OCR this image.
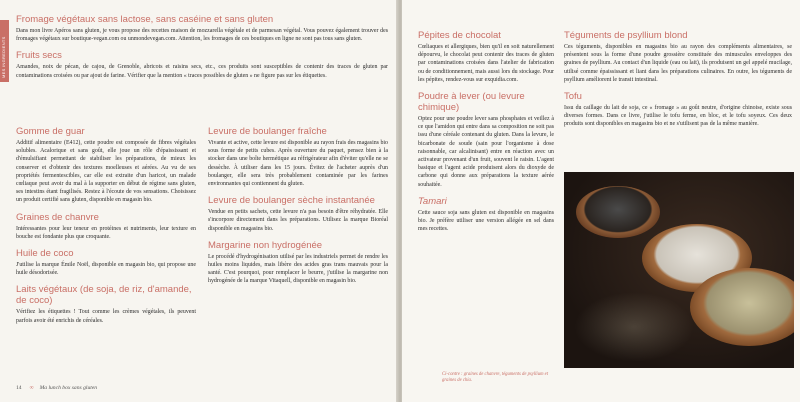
MES INGREDIENTS
Fromage végétaux sans lactose, sans caséine et sans gluten

Dans mon livre Apéros sans gluten, je vous propose des recettes maison de mozzarella végétale et de parmesan végétal. Vous pouvez également trouver des fromages végétaux sur boutique-vegan.com ou unmondevegan.com. Attention, les fromages de ces boutiques en ligne ne sont pas tous sans gluten.

Fruits secs

Amandes, noix de pécan, de cajou, de Grenoble, abricots et raisins secs, etc., ces produits sont susceptibles de contenir des traces de gluten par contaminations croisées ou par ajout de farine. Vérifier que la mention « traces possibles de gluten » ne figure pas sur les étiquettes.

Gomme de guar

Additif alimentaire (E412), cette poudre est composée de fibres végétales solubles. Acalorique et sans goût, elle joue un rôle d'épaississant et d'émulsifiant permettant de stabiliser les préparations, de mieux les conserver et d'obtenir des textures moelleuses et aérées. Au vu de ses propriétés fermentescibles, car elle est extraite d'un haricot, un malade cœliaque peut avoir du mal à la supporter en début de régime sans gluten, ses intestins étant fragilisés. Restez à l'écoute de vos sensations. Choisissez un produit certifié sans gluten, disponible en magasin bio.

Graines de chanvre

Intéressantes pour leur teneur en protéines et nutriments, leur texture en bouche est fondante plus que croquante.

Huile de coco

J'utilise la marque Émile Noël, disponible en magasin bio, qui propose une huile désodorisée.

Laits végétaux (de soja, de riz, d'amande, de coco)

Vérifiez les étiquettes ! Tout comme les crèmes végétales, ils peuvent parfois avoir été enrichis de céréales.

Levure de boulanger fraîche

Vivante et active, cette levure est disponible au rayon frais des magasins bio sous forme de petits cubes. Après ouverture du paquet, pensez bien à la stocker dans une boîte hermétique au réfrigérateur afin d'éviter qu'elle ne se dessèche. À utiliser dans les 15 jours. Évitez de l'acheter auprès d'un boulanger, elle sera très probablement contaminée par les farines environnantes qui contiennent du gluten.

Levure de boulanger sèche instantanée

Vendue en petits sachets, cette levure n'a pas besoin d'être réhydratée. Elle s'incorpore directement dans les préparations. Utilisez la marque Bioréal disponible en magasins bio.

Margarine non hydrogénée

Le procédé d'hydrogénisation utilisé par les industriels permet de rendre les huiles moins liquides, mais libère des acides gras trans mauvais pour la santé. C'est pourquoi, pour remplacer le beurre, j'utilise la margarine non hydrogénée de la marque Vitaquell, disponible en magasin bio.

14 ∞ Ma lunch box sans gluten
Pépites de chocolat

Cœliaques et allergiques, bien qu'il en soit naturellement dépourvu, le chocolat peut contenir des traces de gluten par contaminations croisées dans l'atelier de fabrication ou de conditionnement, mais aussi lors du stockage. Pour les pépites, rendez-vous sur exquidia.com.

Poudre à lever (ou levure chimique)

Optez pour une poudre lever sans phosphates et veillez à ce que l'amidon qui entre dans sa composition ne soit pas issu d'une céréale contenant du gluten. Dans la levure, le bicarbonate de soude (sain pour l'organisme à dose raisonnable, car alcalinisant) entre en réaction avec un activateur provenant d'un fruit, souvent le raisin. L'agent basique et l'agent acide produisent alors du dioxyde de carbone qui donne aux préparations la texture aérée souhaitée.

Tamari

Cette sauce soja sans gluten est disponible en magasins bio. Je préfère utiliser une version allégée en sel dans mes recettes.

Téguments de psyllium blond

Ces téguments, disponibles en magasins bio au rayon des compléments alimentaires, se présentent sous la forme d'une poudre grossière constituée des minuscules enveloppes des graines de psyllium. Au contact d'un liquide (eau ou lait), ils produisent un gel appelé mucilage, utilisé comme épaississant et liant dans les préparations culinaires. En outre, les téguments de psyllium améliorent le transit intestinal.

Tofu

Issu du caillage du lait de soja, ce « fromage » au goût neutre, d'origine chinoise, existe sous diverses formes. Dans ce livre, j'utilise le tofu ferme, en bloc, et le tofu soyeux. Ces deux produits sont disponibles en magasins bio et ne s'utilisent pas de la même manière.

Ci-contre : graines de chanvre, téguments de psyllium et graines de chia.
